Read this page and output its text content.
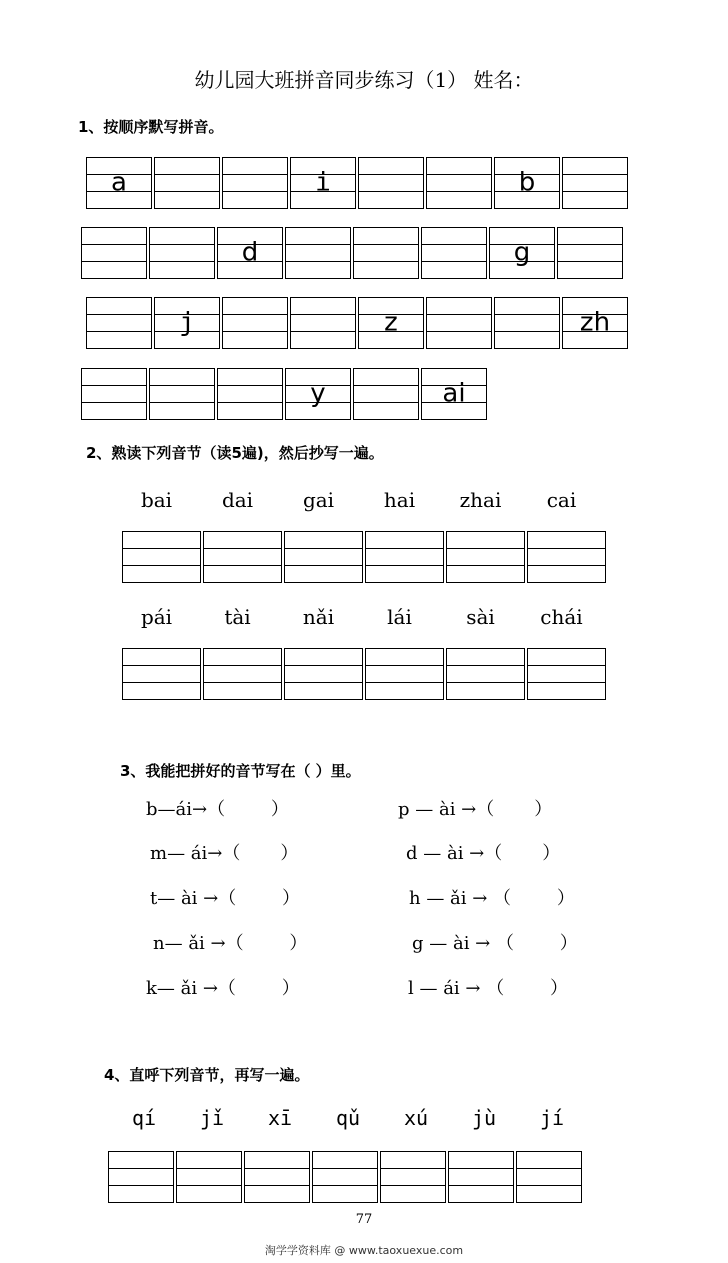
幼儿园大班拼音同步练习（1） 姓名：
1、按顺序默写拼音。
a	i	b
d	g
j	z	zh
y	ai
2、熟读下列音节（读5遍)，然后抄写一遍。
bai	dai	gai	hai	zhai	cai
pái	tài	nǎi	lái	sài	chái
3、我能把拼好的音节写在（ ）里。
b—ái→（        ）
m— ái→（       ）
t— ài →（        ）
n— ǎi →（        ）
k— ǎi →（        ）
p — ài →（       ）
d — ài →（       ）
h — ǎi → （        ）
g — ài → （        ）
l — ái → （        ）
4、直呼下列音节，再写一遍。
qí	jǐ	xī	qǔ	xú	jù	jí
77
淘学学资料库 @ www.taoxuexue.com
